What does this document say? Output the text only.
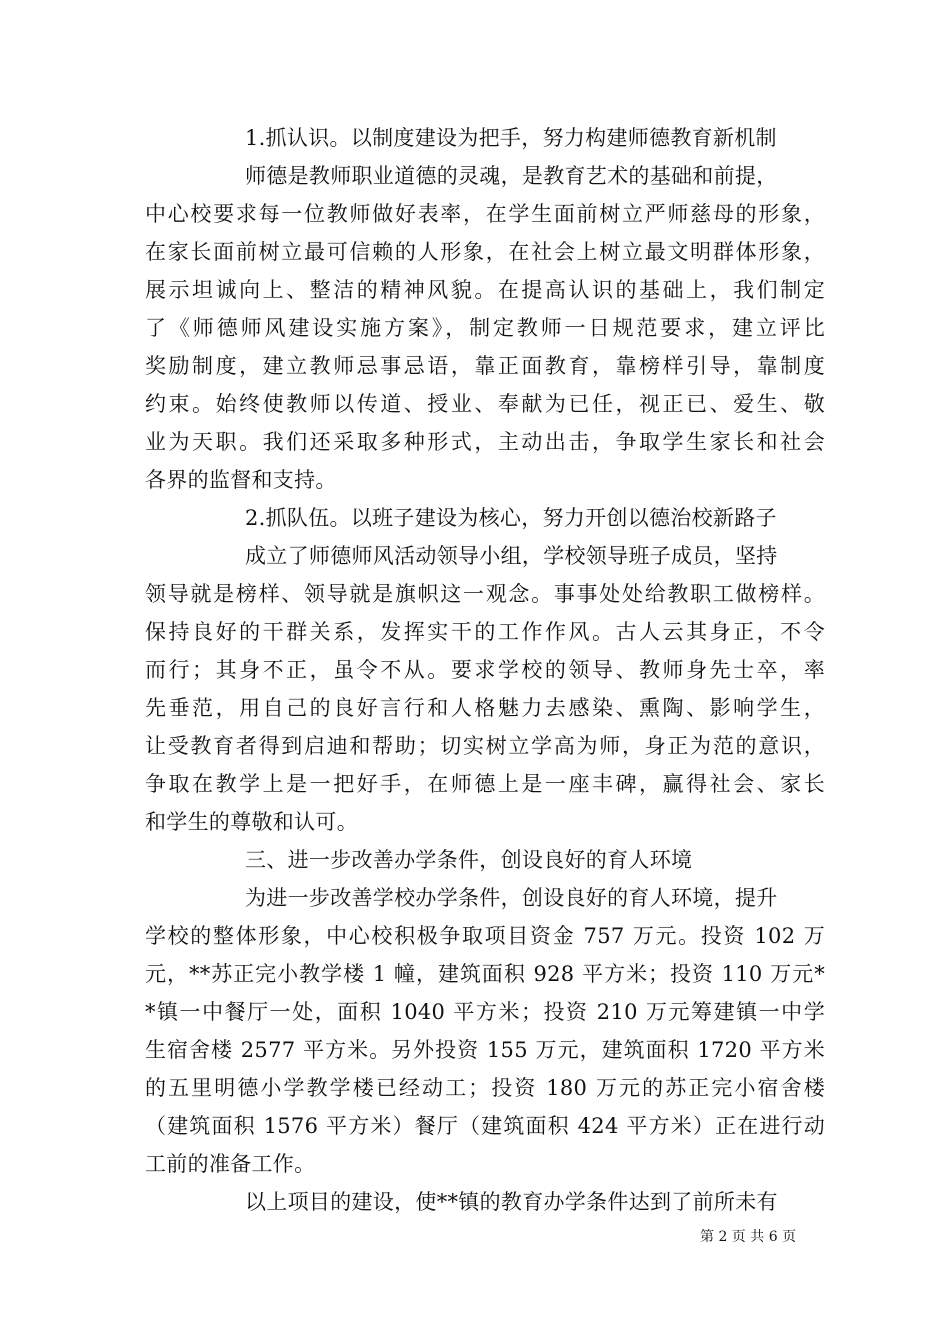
1.抓认识。以制度建设为把手，努力构建师德教育新机制
师德是教师职业道德的灵魂，是教育艺术的基础和前提，
中心校要求每一位教师做好表率，在学生面前树立严师慈母的形象，
在家长面前树立最可信赖的人形象，在社会上树立最文明群体形象，
展示坦诚向上、整洁的精神风貌。在提高认识的基础上，我们制定
了《师德师风建设实施方案》，制定教师一日规范要求，建立评比
奖励制度，建立教师忌事忌语，靠正面教育，靠榜样引导，靠制度
约束。始终使教师以传道、授业、奉献为已任，视正已、爱生、敬
业为天职。我们还采取多种形式，主动出击，争取学生家长和社会
各界的监督和支持。
2.抓队伍。以班子建设为核心，努力开创以德治校新路子
成立了师德师风活动领导小组，学校领导班子成员，坚持
领导就是榜样、领导就是旗帜这一观念。事事处处给教职工做榜样。
保持良好的干群关系，发挥实干的工作作风。古人云其身正，不令
而行；其身不正，虽令不从。要求学校的领导、教师身先士卒，率
先垂范，用自己的良好言行和人格魅力去感染、熏陶、影响学生，
让受教育者得到启迪和帮助；切实树立学高为师，身正为范的意识，
争取在教学上是一把好手，在师德上是一座丰碑，赢得社会、家长
和学生的尊敬和认可。
三、进一步改善办学条件，创设良好的育人环境
为进一步改善学校办学条件，创设良好的育人环境，提升
学校的整体形象，中心校积极争取项目资金 757 万元。投资 102 万
元，**苏正完小教学楼 1 幢，建筑面积 928 平方米；投资 110 万元*
*镇一中餐厅一处，面积 1040 平方米；投资 210 万元筹建镇一中学
生宿舍楼 2577 平方米。另外投资 155 万元，建筑面积 1720 平方米
的五里明德小学教学楼已经动工；投资 180 万元的苏正完小宿舍楼
（建筑面积 1576 平方米）餐厅（建筑面积 424 平方米）正在进行动
工前的准备工作。
以上项目的建设，使**镇的教育办学条件达到了前所未有
第 2 页 共 6 页
